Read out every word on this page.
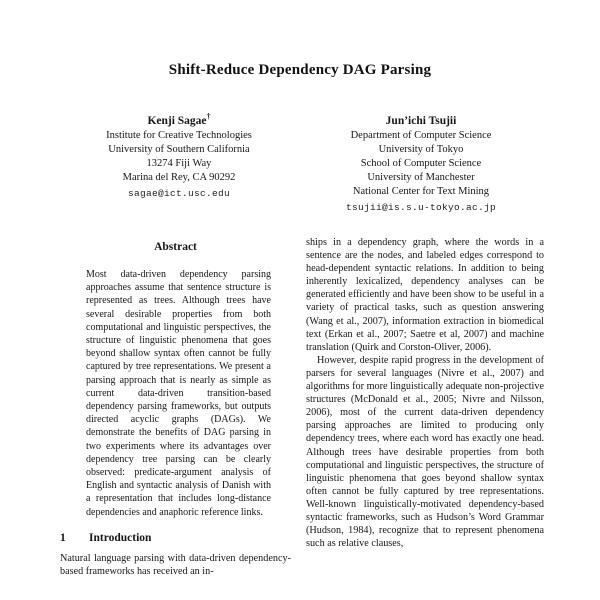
Shift-Reduce Dependency DAG Parsing
Kenji Sagae†
Institute for Creative Technologies
University of Southern California
13274 Fiji Way
Marina del Rey, CA 90292
sagae@ict.usc.edu
Jun’ichi Tsujii
Department of Computer Science
University of Tokyo
School of Computer Science
University of Manchester
National Center for Text Mining
tsujii@is.s.u-tokyo.ac.jp
Abstract

Most data-driven dependency parsing approaches assume that sentence structure is represented as trees. Although trees have several desirable properties from both computational and linguistic perspectives, the structure of linguistic phenomena that goes beyond shallow syntax often cannot be fully captured by tree representations. We present a parsing approach that is nearly as simple as current data-driven transition-based dependency parsing frameworks, but outputs directed acyclic graphs (DAGs). We demonstrate the benefits of DAG parsing in two experiments where its advantages over dependency tree parsing can be clearly observed: predicate-argument analysis of English and syntactic analysis of Danish with a representation that includes long-distance dependencies and anaphoric reference links.

1 Introduction

Natural language parsing with data-driven dependency-based frameworks has received an in-

ships in a dependency graph, where the words in a sentence are the nodes, and labeled edges correspond to head-dependent syntactic relations. In addition to being inherently lexicalized, dependency analyses can be generated efficiently and have been show to be useful in a variety of practical tasks, such as question answering (Wang et al., 2007), information extraction in biomedical text (Erkan et al., 2007; Saetre et al, 2007) and machine translation (Quirk and Corston-Oliver, 2006).

However, despite rapid progress in the development of parsers for several languages (Nivre et al., 2007) and algorithms for more linguistically adequate non-projective structures (McDonald et al., 2005; Nivre and Nilsson, 2006), most of the current data-driven dependency parsing approaches are limited to producing only dependency trees, where each word has exactly one head. Although trees have desirable properties from both computational and linguistic perspectives, the structure of linguistic phenomena that goes beyond shallow syntax often cannot be fully captured by tree representations. Well-known linguistically-motivated dependency-based syntactic frameworks, such as Hudson’s Word Grammar (Hudson, 1984), recognize that to represent phenomena such as relative clauses,
